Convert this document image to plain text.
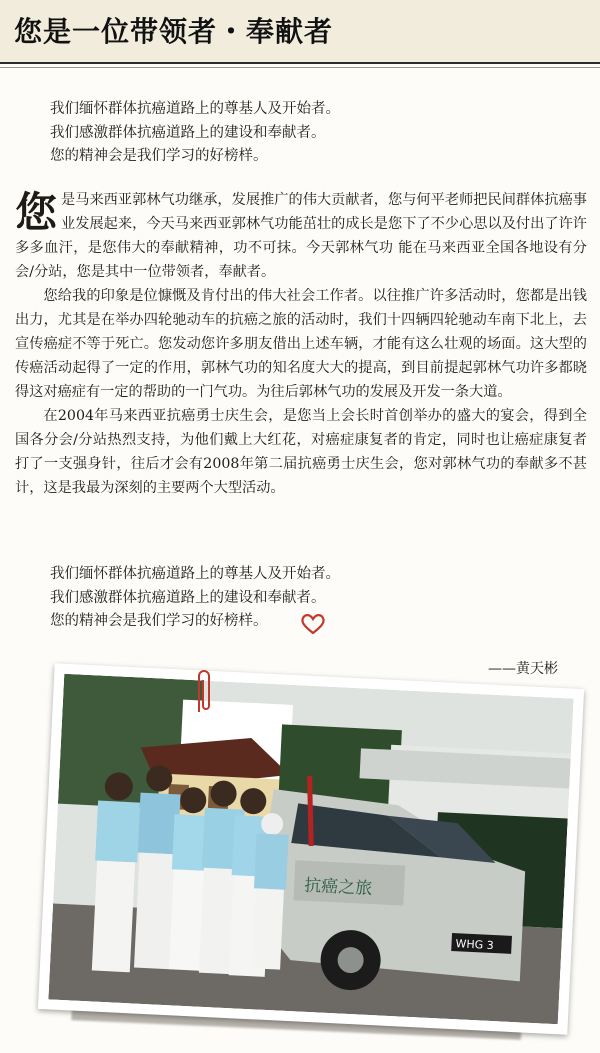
您是一位带领者・奉献者
我们缅怀群体抗癌道路上的尊基人及开始者。
我们感激群体抗癌道路上的建设和奉献者。
您的精神会是我们学习的好榜样。

您是马来西亚郭林气功继承，发展推广的伟大贡献者，您与何平老师把民间群体抗癌事业发展起来，今天马来西亚郭林气功能茁壮的成长是您下了不少心思以及付出了许许多多血汗，是您伟大的奉献精神，功不可抹。今天郭林气功 能在马来西亚全国各地设有分会/分站，您是其中一位带领者，奉献者。

您给我的印象是位慷慨及肯付出的伟大社会工作者。以往推广许多活动时，您都是出钱出力，尤其是在举办四轮驰动车的抗癌之旅的活动时，我们十四辆四轮驰动车南下北上，去宣传癌症不等于死亡。您发动您许多朋友借出上述车辆，才能有这么壮观的场面。这大型的传癌活动起得了一定的作用，郭林气功的知名度大大的提高，到目前提起郭林气功许多都晓得这对癌症有一定的帮助的一门气功。为往后郭林气功的发展及开发一条大道。

在2004年马来西亚抗癌勇士庆生会，是您当上会长时首创举办的盛大的宴会，得到全国各分会/分站热烈支持，为他们戴上大红花，对癌症康复者的肯定，同时也让癌症康复者打了一支强身针，往后才会有2008年第二届抗癌勇士庆生会，您对郭林气功的奉献多不甚计，这是我最为深刻的主要两个大型活动。

我们缅怀群体抗癌道路上的尊基人及开始者。
我们感激群体抗癌道路上的建设和奉献者。
您的精神会是我们学习的好榜样。
——黄天彬
抗癌之旅
WHG 3
